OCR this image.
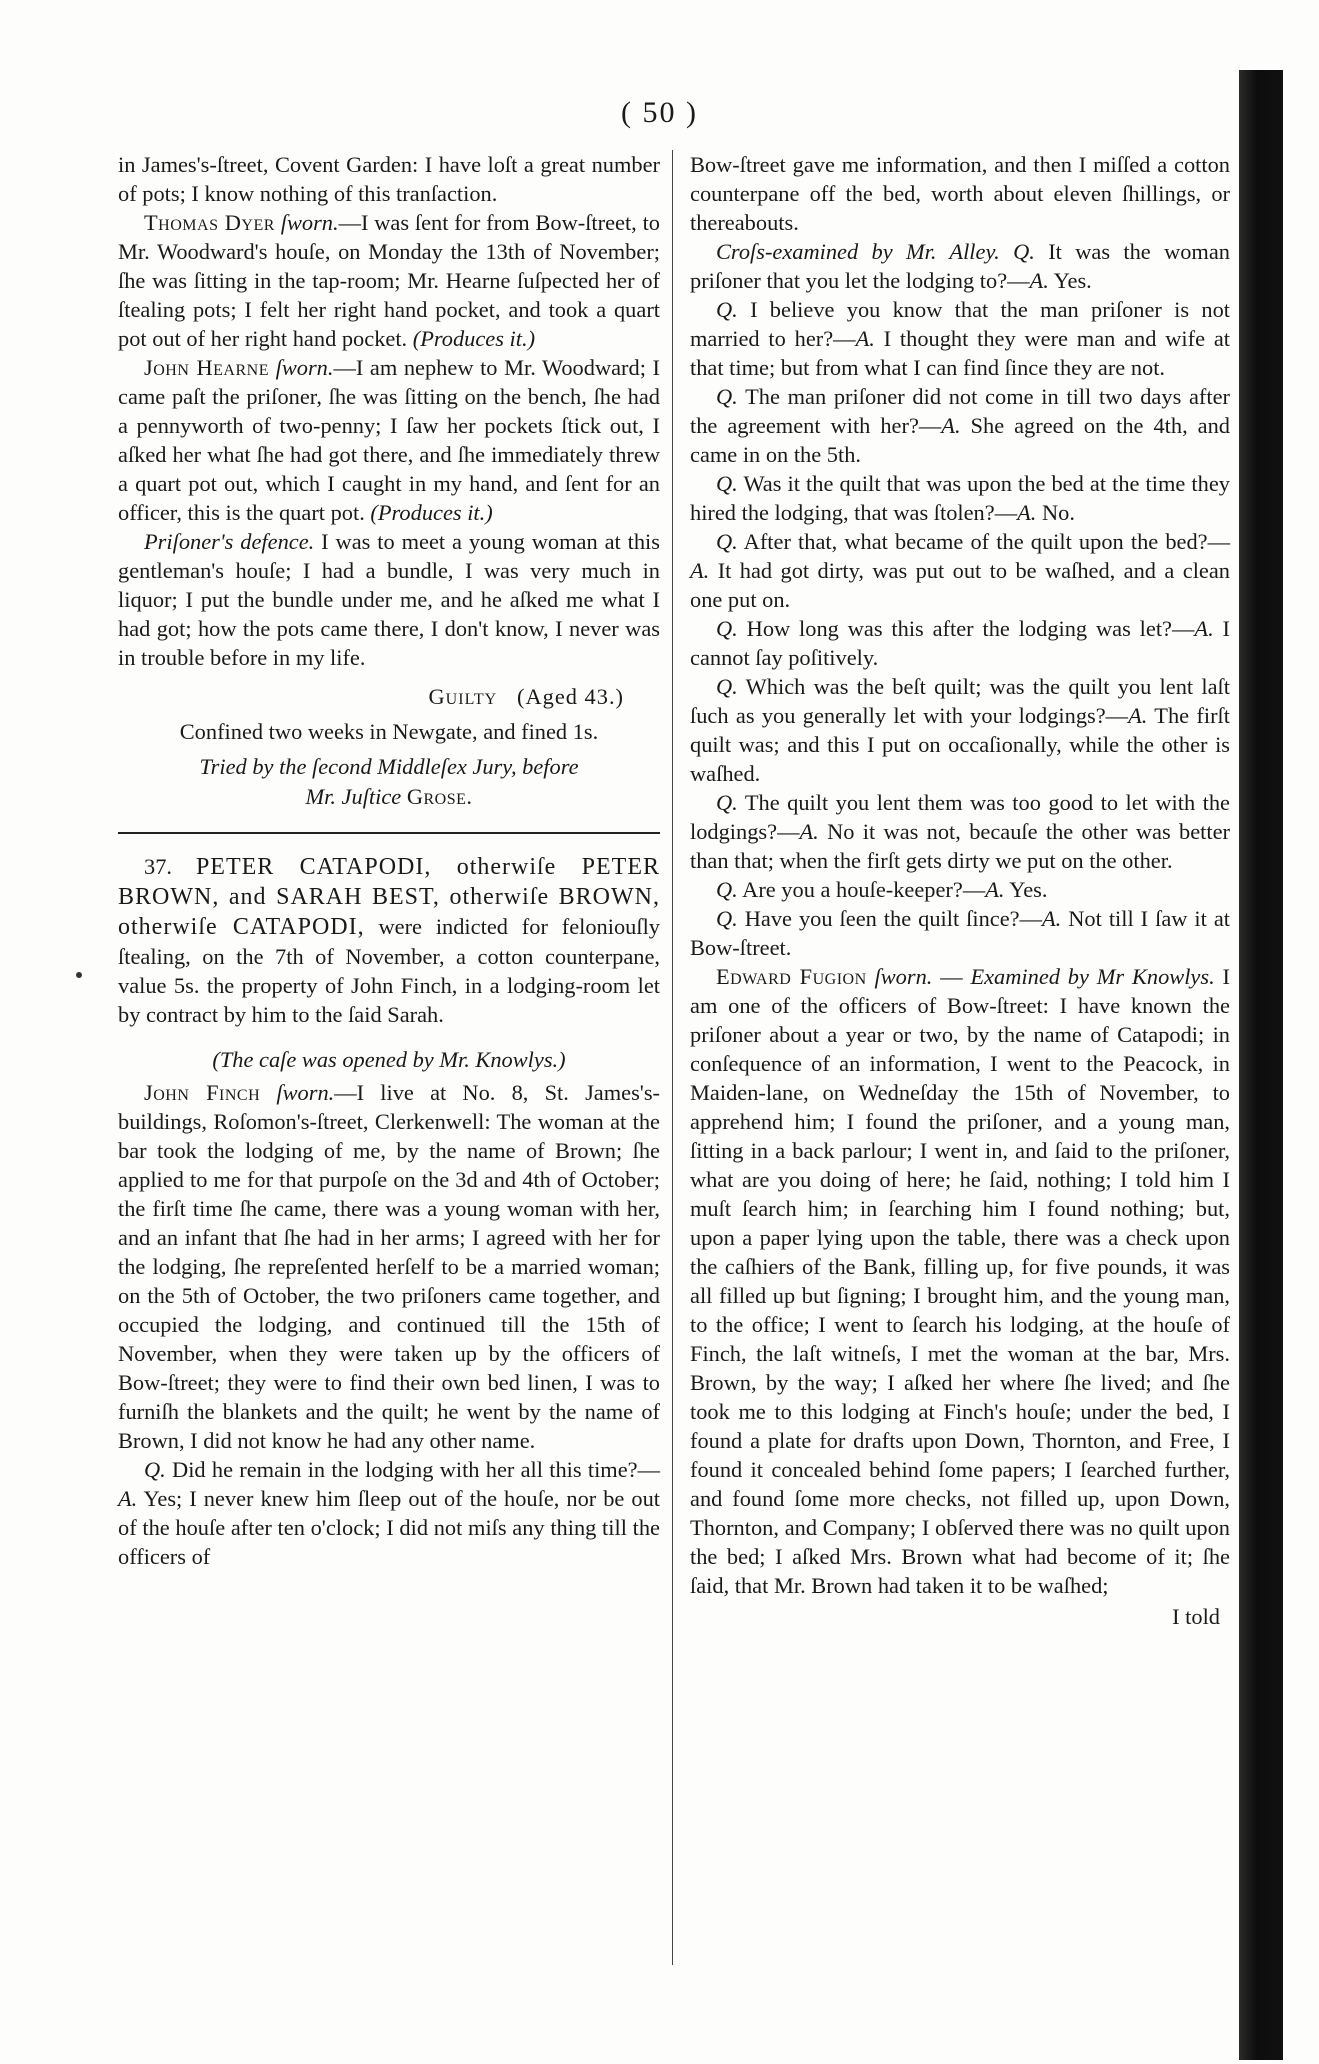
( 50 )

in James's-ſtreet, Covent Garden: I have loſt a great number of pots; I know nothing of this tranſaction.

Thomas Dyer ſworn.—I was ſent for from Bow-ſtreet, to Mr. Woodward's houſe, on Monday the 13th of November; ſhe was ſitting in the tap-room; Mr. Hearne ſuſpected her of ſtealing pots; I felt her right hand pocket, and took a quart pot out of her right hand pocket. (Produces it.)

John Hearne ſworn.—I am nephew to Mr. Woodward; I came paſt the priſoner, ſhe was ſitting on the bench, ſhe had a pennyworth of two-penny; I ſaw her pockets ſtick out, I aſked her what ſhe had got there, and ſhe immediately threw a quart pot out, which I caught in my hand, and ſent for an officer, this is the quart pot. (Produces it.)

Priſoner's defence. I was to meet a young woman at this gentleman's houſe; I had a bundle, I was very much in liquor; I put the bundle under me, and he aſked me what I had got; how the pots came there, I don't know, I never was in trouble before in my life.

Guilty (Aged 43.)

Confined two weeks in Newgate, and fined 1s.

Tried by the ſecond Middleſex Jury, before
Mr. Juſtice Grose.

37. PETER CATAPODI, otherwiſe PETER BROWN, and SARAH BEST, otherwiſe BROWN, otherwiſe CATAPODI, were indicted for feloniouſly ſtealing, on the 7th of November, a cotton counterpane, value 5s. the property of John Finch, in a lodging-room let by contract by him to the ſaid Sarah.

(The caſe was opened by Mr. Knowlys.)

John Finch ſworn.—I live at No. 8, St. James's-buildings, Roſomon's-ſtreet, Clerkenwell: The woman at the bar took the lodging of me, by the name of Brown; ſhe applied to me for that purpoſe on the 3d and 4th of October; the firſt time ſhe came, there was a young woman with her, and an infant that ſhe had in her arms; I agreed with her for the lodging, ſhe repreſented herſelf to be a married woman; on the 5th of October, the two priſoners came together, and occupied the lodging, and continued till the 15th of November, when they were taken up by the officers of Bow-ſtreet; they were to find their own bed linen, I was to furniſh the blankets and the quilt; he went by the name of Brown, I did not know he had any other name.

Q. Did he remain in the lodging with her all this time?—A. Yes; I never knew him ſleep out of the houſe, nor be out of the houſe after ten o'clock; I did not miſs any thing till the officers of

Bow-ſtreet gave me information, and then I miſſed a cotton counterpane off the bed, worth about eleven ſhillings, or thereabouts.

Croſs-examined by Mr. Alley. Q. It was the woman priſoner that you let the lodging to?—A. Yes.

Q. I believe you know that the man priſoner is not married to her?—A. I thought they were man and wife at that time; but from what I can find ſince they are not.

Q. The man priſoner did not come in till two days after the agreement with her?—A. She agreed on the 4th, and came in on the 5th.

Q. Was it the quilt that was upon the bed at the time they hired the lodging, that was ſtolen?—A. No.

Q. After that, what became of the quilt upon the bed?—A. It had got dirty, was put out to be waſhed, and a clean one put on.

Q. How long was this after the lodging was let?—A. I cannot ſay poſitively.

Q. Which was the beſt quilt; was the quilt you lent laſt ſuch as you generally let with your lodgings?—A. The firſt quilt was; and this I put on occaſionally, while the other is waſhed.

Q. The quilt you lent them was too good to let with the lodgings?—A. No it was not, becauſe the other was better than that; when the firſt gets dirty we put on the other.

Q. Are you a houſe-keeper?—A. Yes.

Q. Have you ſeen the quilt ſince?—A. Not till I ſaw it at Bow-ſtreet.

Edward Fugion ſworn. — Examined by Mr Knowlys. I am one of the officers of Bow-ſtreet: I have known the priſoner about a year or two, by the name of Catapodi; in conſequence of an information, I went to the Peacock, in Maiden-lane, on Wedneſday the 15th of November, to apprehend him; I found the priſoner, and a young man, ſitting in a back parlour; I went in, and ſaid to the priſoner, what are you doing of here; he ſaid, nothing; I told him I muſt ſearch him; in ſearching him I found nothing; but, upon a paper lying upon the table, there was a check upon the caſhiers of the Bank, filling up, for five pounds, it was all filled up but ſigning; I brought him, and the young man, to the office; I went to ſearch his lodging, at the houſe of Finch, the laſt witneſs, I met the woman at the bar, Mrs. Brown, by the way; I aſked her where ſhe lived; and ſhe took me to this lodging at Finch's houſe; under the bed, I found a plate for drafts upon Down, Thornton, and Free, I found it concealed behind ſome papers; I ſearched further, and found ſome more checks, not filled up, upon Down, Thornton, and Company; I obſerved there was no quilt upon the bed; I aſked Mrs. Brown what had become of it; ſhe ſaid, that Mr. Brown had taken it to be waſhed;

I told
